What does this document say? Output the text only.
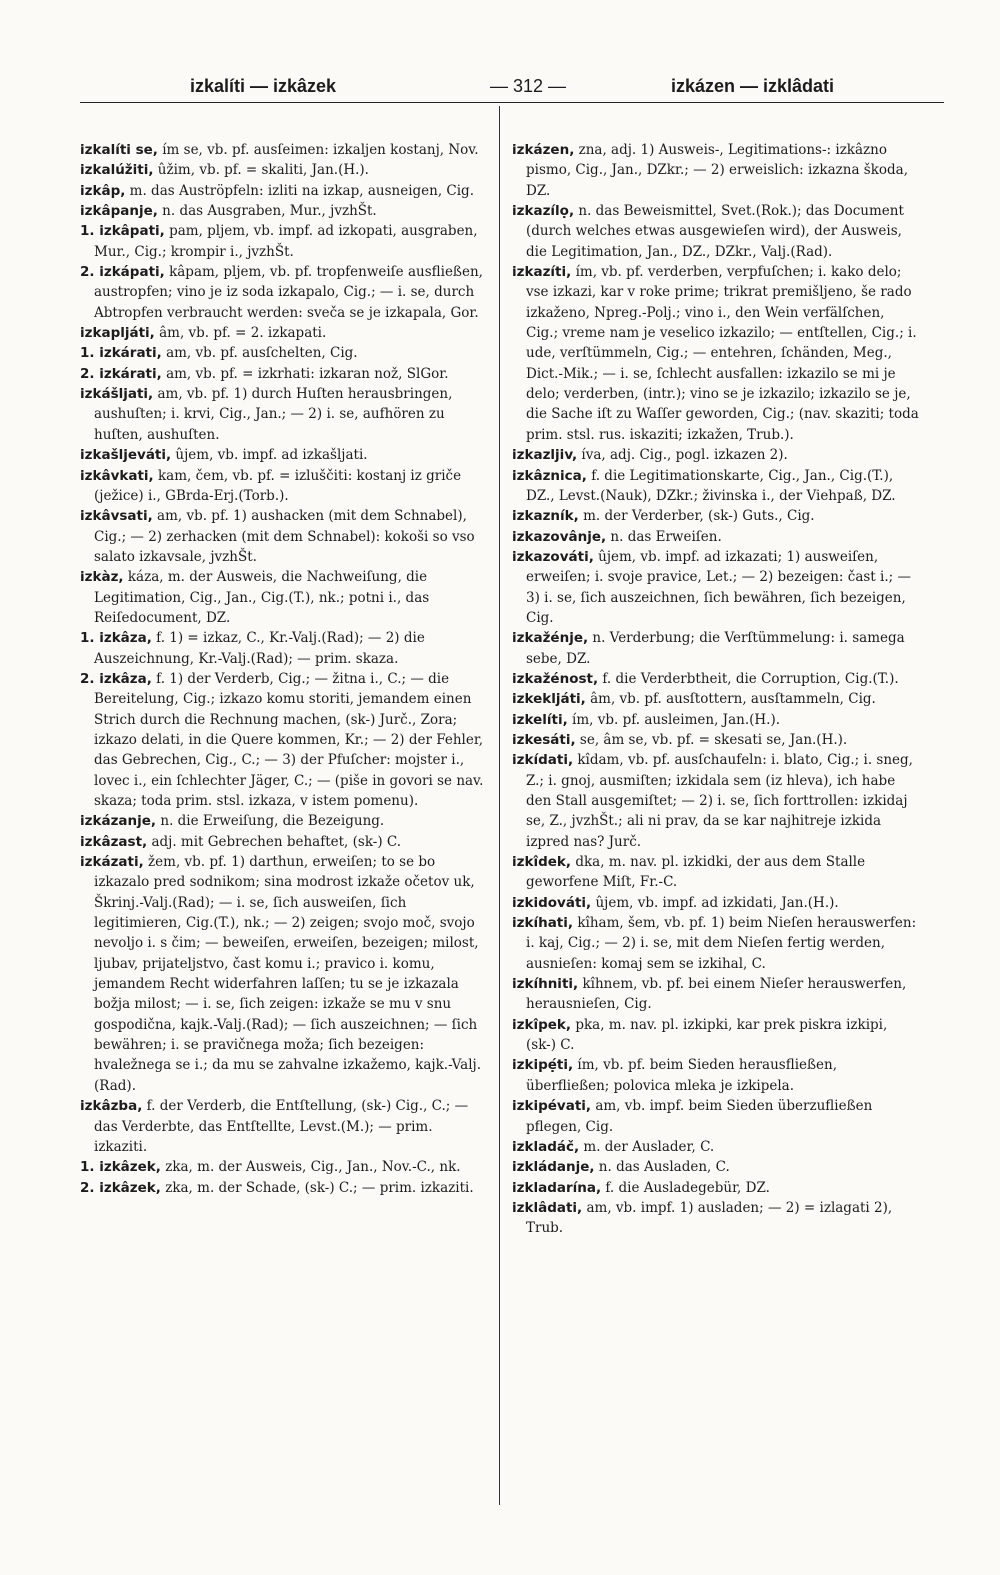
izkalíti — izkâzek	— 312 —	izkázen — izklâdati

izkalíti se, ím se, vb. pf. ausſeimen: izkaljen kostanj, Nov.

izkalúžiti, ûžim, vb. pf. = skaliti, Jan.(H.).

izkâp, m. das Auströpfeln: izliti na izkap, ausneigen, Cig.

izkâpanje, n. das Ausgraben, Mur., jvzhŠt.

1. izkâpati, pam, pljem, vb. impf. ad izkopati, ausgraben, Mur., Cig.; krompir i., jvzhŠt.

2. izkápati, kâpam, pljem, vb. pf. tropfenweiſe ausfließen, austropfen; vino je iz soda izkapalo, Cig.; — i. se, durch Abtropfen verbraucht werden: sveča se je izkapala, Gor.

izkapljáti, âm, vb. pf. = 2. izkapati.

1. izkárati, am, vb. pf. ausſchelten, Cig.

2. izkárati, am, vb. pf. = izkrhati: izkaran nož, SlGor.

izkášljati, am, vb. pf. 1) durch Huſten herausbringen, aushuſten; i. krvi, Cig., Jan.; — 2) i. se, aufhören zu huſten, aushuſten.

izkašljeváti, ûjem, vb. impf. ad izkašljati.

izkâvkati, kam, čem, vb. pf. = izluščiti: kostanj iz griče (ježice) i., GBrda-Erj.(Torb.).

izkâvsati, am, vb. pf. 1) aushacken (mit dem Schnabel), Cig.; — 2) zerhacken (mit dem Schnabel): kokoši so vso salato izkavsale, jvzhŠt.

izkàz, káza, m. der Ausweis, die Nachweiſung, die Legitimation, Cig., Jan., Cig.(T.), nk.; potni i., das Reiſedocument, DZ.

1. izkâza, f. 1) = izkaz, C., Kr.-Valj.(Rad); — 2) die Auszeichnung, Kr.-Valj.(Rad); — prim. skaza.

2. izkâza, f. 1) der Verderb, Cig.; — žitna i., C.; — die Bereitelung, Cig.; izkazo komu storiti, jemandem einen Strich durch die Rechnung machen, (sk-) Jurč., Zora; izkazo delati, in die Quere kommen, Kr.; — 2) der Fehler, das Gebrechen, Cig., C.; — 3) der Pfuſcher: mojster i., lovec i., ein ſchlechter Jäger, C.; — (piše in govori se nav. skaza; toda prim. stsl. izkaza, v istem pomenu).

izkázanje, n. die Erweiſung, die Bezeigung.

izkâzast, adj. mit Gebrechen behaftet, (sk-) C.

izkázati, žem, vb. pf. 1) darthun, erweiſen; to se bo izkazalo pred sodnikom; sina modrost izkaže očetov uk, Škrinj.-Valj.(Rad); — i. se, ſich ausweiſen, ſich legitimieren, Cig.(T.), nk.; — 2) zeigen; svojo moč, svojo nevoljo i. s čim; — beweiſen, erweiſen, bezeigen; milost, ljubav, prijateljstvo, čast komu i.; pravico i. komu, jemandem Recht widerfahren laſſen; tu se je izkazala božja milost; — i. se, ſich zeigen: izkaže se mu v snu gospodična, kajk.-Valj.(Rad); — ſich auszeichnen; — ſich bewähren; i. se pravičnega moža; ſich bezeigen: hvaležnega se i.; da mu se zahvalne izkažemo, kajk.-Valj.(Rad).

izkâzba, f. der Verderb, die Entſtellung, (sk-) Cig., C.; — das Verderbte, das Entſtellte, Levst.(M.); — prim. izkaziti.

1. izkâzek, zka, m. der Ausweis, Cig., Jan., Nov.-C., nk.

2. izkâzek, zka, m. der Schade, (sk-) C.; — prim. izkaziti.

izkázen, zna, adj. 1) Ausweis-, Legitimations-: izkâzno pismo, Cig., Jan., DZkr.; — 2) erweislich: izkazna škoda, DZ.

izkazílọ, n. das Beweismittel, Svet.(Rok.); das Document (durch welches etwas ausgewieſen wird), der Ausweis, die Legitimation, Jan., DZ., DZkr., Valj.(Rad).

izkazíti, ím, vb. pf. verderben, verpfuſchen; i. kako delo; vse izkazi, kar v roke prime; trikrat premišljeno, še rado izkaženo, Npreg.-Polj.; vino i., den Wein verfälſchen, Cig.; vreme nam je veselico izkazilo; — entſtellen, Cig.; i. ude, verſtümmeln, Cig.; — entehren, ſchänden, Meg., Dict.-Mik.; — i. se, ſchlecht ausfallen: izkazilo se mi je delo; verderben, (intr.); vino se je izkazilo; izkazilo se je, die Sache iſt zu Waſſer geworden, Cig.; (nav. skaziti; toda prim. stsl. rus. iskaziti; izkažen, Trub.).

izkazljiv, íva, adj. Cig., pogl. izkazen 2).

izkâznica, f. die Legitimationskarte, Cig., Jan., Cig.(T.), DZ., Levst.(Nauk), DZkr.; živinska i., der Viehpaß, DZ.

izkazník, m. der Verderber, (sk-) Guts., Cig.

izkazovânje, n. das Erweiſen.

izkazováti, ûjem, vb. impf. ad izkazati; 1) ausweiſen, erweiſen; i. svoje pravice, Let.; — 2) bezeigen: čast i.; — 3) i. se, ſich auszeichnen, ſich bewähren, ſich bezeigen, Cig.

izkažénje, n. Verderbung; die Verſtümmelung: i. samega sebe, DZ.

izkažénost, f. die Verderbtheit, die Corruption, Cig.(T.).

izkekljáti, âm, vb. pf. ausſtottern, ausſtammeln, Cig.

izkelíti, ím, vb. pf. ausleimen, Jan.(H.).

izkesáti, se, âm se, vb. pf. = skesati se, Jan.(H.).

izkídati, kîdam, vb. pf. ausſchaufeln: i. blato, Cig.; i. sneg, Z.; i. gnoj, ausmiſten; izkidala sem (iz hleva), ich habe den Stall ausgemiſtet; — 2) i. se, ſich forttrollen: izkidaj se, Z., jvzhŠt.; ali ni prav, da se kar najhitreje izkida izpred nas? Jurč.

izkîdek, dka, m. nav. pl. izkidki, der aus dem Stalle geworfene Miſt, Fr.-C.

izkidováti, ûjem, vb. impf. ad izkidati, Jan.(H.).

izkíhati, kîham, šem, vb. pf. 1) beim Nieſen herauswerfen: i. kaj, Cig.; — 2) i. se, mit dem Nieſen fertig werden, ausnieſen: komaj sem se izkihal, C.

izkíhniti, kîhnem, vb. pf. bei einem Nieſer herauswerfen, herausnieſen, Cig.

izkîpek, pka, m. nav. pl. izkipki, kar prek piskra izkipi, (sk-) C.

izkipẹ́ti, ím, vb. pf. beim Sieden herausfließen, überfließen; polovica mleka je izkipela.

izkipévati, am, vb. impf. beim Sieden überzufließen pflegen, Cig.

izkladáč, m. der Auslader, C.

izkládanje, n. das Ausladen, C.

izkladarína, f. die Ausladegebür, DZ.

izklâdati, am, vb. impf. 1) ausladen; — 2) = izlagati 2), Trub.
